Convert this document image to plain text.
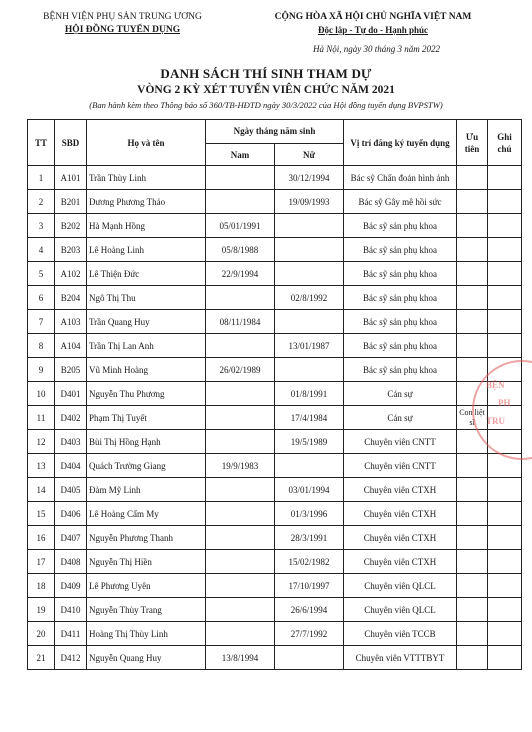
BỆNH VIỆN PHỤ SẢN TRUNG ƯƠNG
HỘI ĐỒNG TUYỂN DỤNG
CỘNG HÒA XÃ HỘI CHỦ NGHĨA VIỆT NAM
Độc lập - Tự do - Hạnh phúc
Hà Nội, ngày 30 tháng 3 năm 2022
DANH SÁCH THÍ SINH THAM DỰ
VÒNG 2 KỲ XÉT TUYỂN VIÊN CHỨC NĂM 2021
(Ban hành kèm theo Thông báo số 360/TB-HĐTD ngày 30/3/2022 của Hội đồng tuyển dụng BVPSTW)
TT	SBD	Họ và tên	Ngày tháng năm sinh		Vị trí đăng ký tuyển dụng	Ưu tiên	Ghi chú
			Nam	Nữ			
1	A101	Trần Thùy Linh		30/12/1994	Bác sỹ Chẩn đoán hình ảnh		
2	B201	Dương Phương Thảo		19/09/1993	Bác sỹ Gây mê hồi sức		
3	B202	Hà Mạnh Hồng	05/01/1991		Bác sỹ sản phụ khoa		
4	B203	Lê Hoàng Linh	05/8/1988		Bác sỹ sản phụ khoa		
5	A102	Lê Thiện Đức	22/9/1994		Bác sỹ sản phụ khoa		
6	B204	Ngô Thị Thu		02/8/1992	Bác sỹ sản phụ khoa		
7	A103	Trần Quang Huy	08/11/1984		Bác sỹ sản phụ khoa		
8	A104	Trần Thị Lan Anh		13/01/1987	Bác sỹ sản phụ khoa		
9	B205	Vũ Minh Hoàng	26/02/1989		Bác sỹ sản phụ khoa		
10	D401	Nguyễn Thu Phương		01/8/1991	Cán sự		
11	D402	Phạm Thị Tuyết		17/4/1984	Cán sự	Con liệt sĩ	
12	D403	Bùi Thị Hồng Hạnh		19/5/1989	Chuyên viên CNTT		
13	D404	Quách Trường Giang	19/9/1983		Chuyên viên CNTT		
14	D405	Đàm Mỹ Linh		03/01/1994	Chuyên viên CTXH		
15	D406	Lê Hoàng Cẩm My		01/3/1996	Chuyên viên CTXH		
16	D407	Nguyễn Phương Thanh		28/3/1991	Chuyên viên CTXH		
17	D408	Nguyễn Thị Hiền		15/02/1982	Chuyên viên CTXH		
18	D409	Lê Phương Uyên		17/10/1997	Chuyên viên QLCL		
19	D410	Nguyễn Thùy Trang		26/6/1994	Chuyên viên QLCL		
20	D411	Hoàng Thị Thùy Linh		27/7/1992	Chuyên viên TCCB		
21	D412	Nguyễn Quang Huy	13/8/1994		Chuyên viên VTTTBYT		
BỆN
PH
TRU
